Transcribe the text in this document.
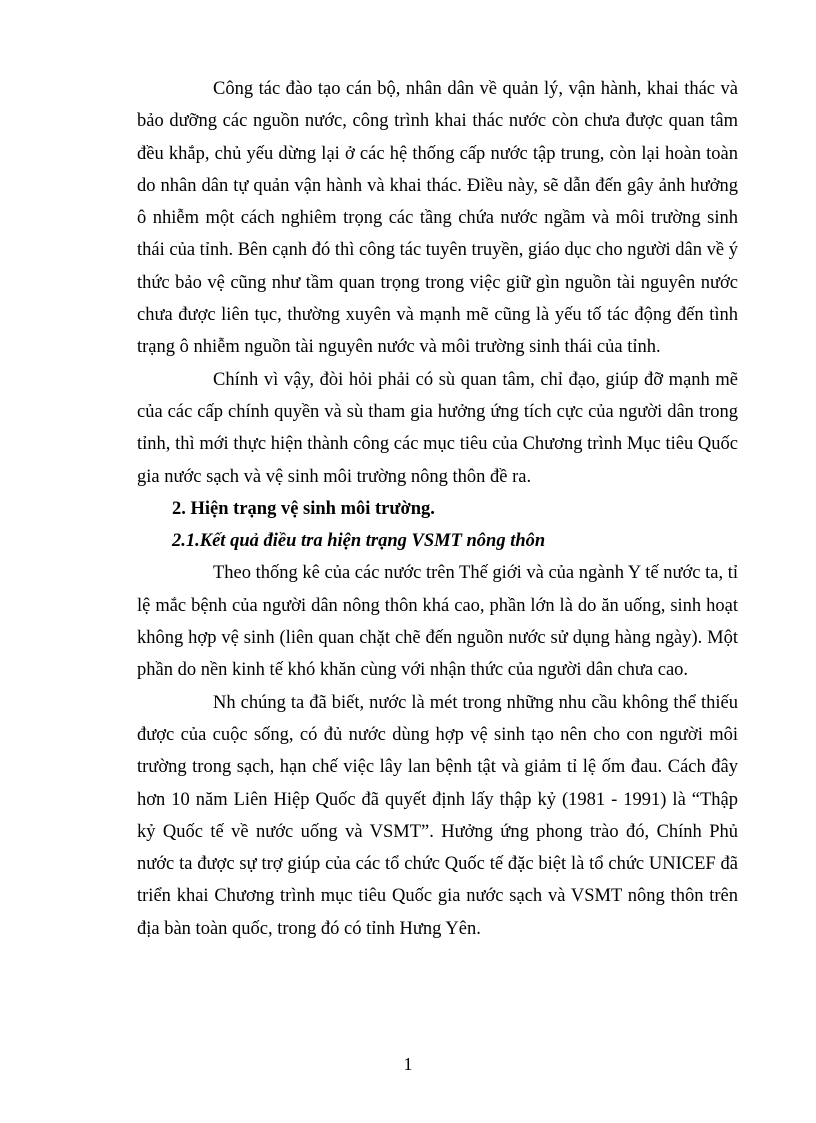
Công tác đào tạo cán bộ, nhân dân về quản lý, vận hành, khai thác và bảo dưỡng các nguồn nước, công trình khai thác nước còn chưa được quan tâm đều khắp, chủ yếu dừng lại ở các hệ thống cấp nước tập trung, còn lại hoàn toàn do nhân dân tự quản vận hành và khai thác. Điều này, sẽ dẫn đến gây ảnh hưởng ô nhiễm một cách nghiêm trọng các tầng chứa nước ngầm và môi trường sinh thái của tỉnh. Bên cạnh đó thì công tác tuyên truyền, giáo dục cho người dân về ý thức bảo vệ cũng như tầm quan trọng trong việc giữ gìn nguồn tài nguyên nước chưa được liên tục, thường xuyên và mạnh mẽ cũng là yếu tố tác động đến tình trạng ô nhiễm nguồn tài nguyên nước và môi trường sinh thái của tỉnh.

Chính vì vậy, đòi hỏi phải có sù quan tâm, chỉ đạo, giúp đỡ mạnh mẽ của các cấp chính quyền và sù tham gia hưởng ứng tích cực của người dân trong tỉnh, thì mới thực hiện thành công các mục tiêu của Chương trình Mục tiêu Quốc gia nước sạch và vệ sinh môi trường nông thôn đề ra.

2. Hiện trạng vệ sinh môi trường.

2.1.Kết quả điều tra hiện trạng VSMT nông thôn

Theo thống kê của các nước trên Thế giới và của ngành Y tế nước ta, tỉ lệ mắc bệnh của người dân nông thôn khá cao, phần lớn là do ăn uống, sinh hoạt không hợp vệ sinh (liên quan chặt chẽ đến nguồn nước sử dụng hàng ngày). Một phần do nền kinh tế khó khăn cùng với nhận thức của người dân chưa cao.

Nh chúng ta đã biết, nước là mét trong những nhu cầu không thể thiếu được của cuộc sống, có đủ nước dùng hợp vệ sinh tạo nên cho con người môi trường trong sạch, hạn chế việc lây lan bệnh tật và giảm tỉ lệ ốm đau. Cách đây hơn 10 năm Liên Hiệp Quốc đã quyết định lấy thập kỷ (1981 - 1991) là “Thập kỷ Quốc tế về nước uống và VSMT”. Hưởng ứng phong trào đó, Chính Phủ nước ta được sự trợ giúp của các tổ chức Quốc tế đặc biệt là tổ chức UNICEF đã triển khai Chương trình mục tiêu Quốc gia nước sạch và VSMT nông thôn trên địa bàn toàn quốc, trong đó có tỉnh Hưng Yên.

1
